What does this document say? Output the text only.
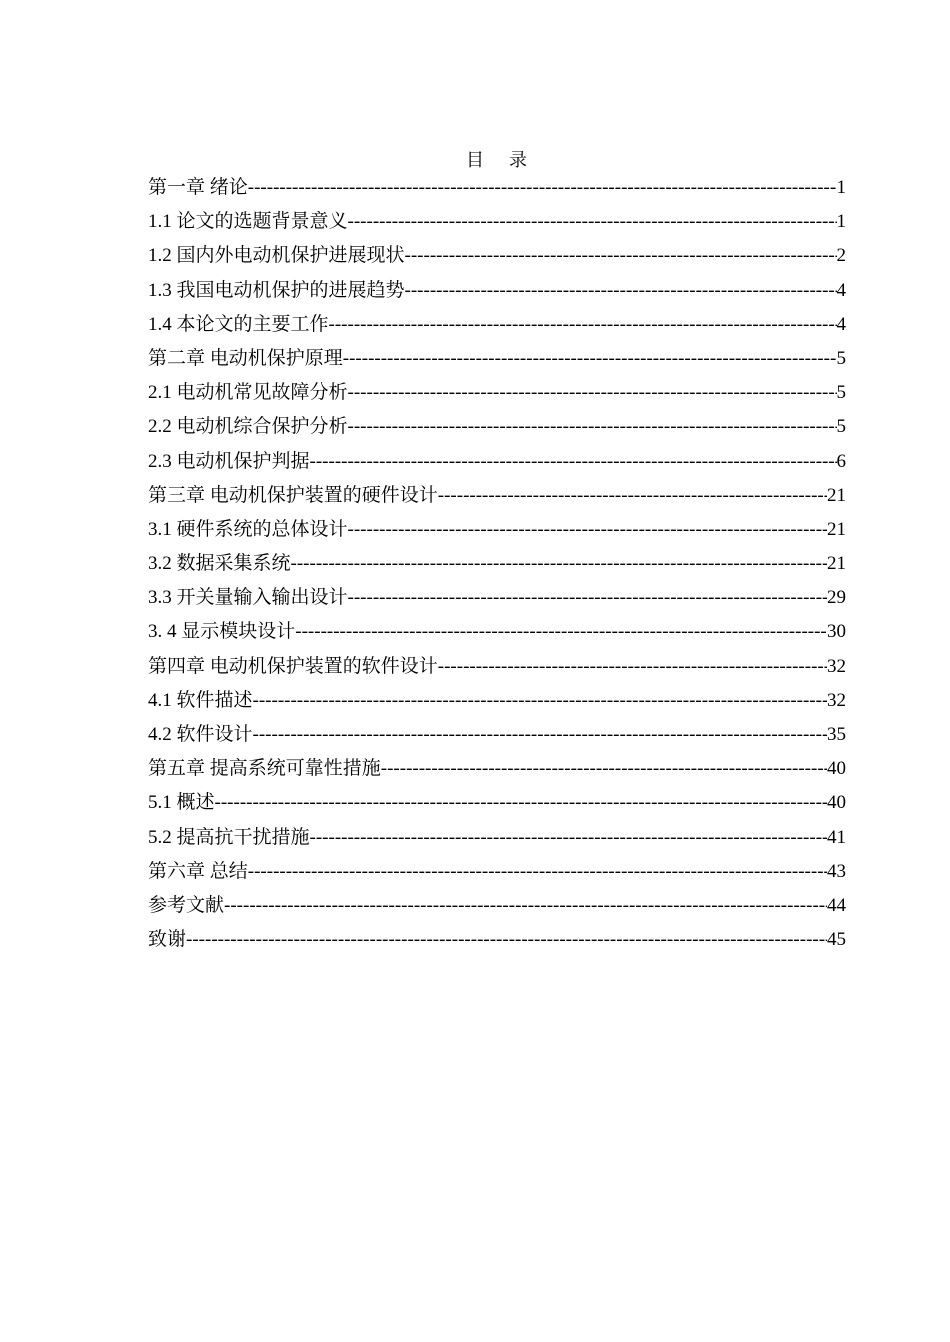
目 录
第一章 绪论 -----	1
1.1 论文的选题背景意义 -----	1
1.2 国内外电动机保护进展现状 -----	2
1.3 我国电动机保护的进展趋势 -----	4
1.4 本论文的主要工作 -----	4
第二章 电动机保护原理 -----	5
2.1 电动机常见故障分析 -----	5
2.2 电动机综合保护分析 -----	5
2.3 电动机保护判据 -----	6
第三章 电动机保护装置的硬件设计 -----	21
3.1 硬件系统的总体设计 -----	21
3.2 数据采集系统 -----	21
3.3 开关量输入输出设计 -----	29
3. 4 显示模块设计 -----	30
第四章 电动机保护装置的软件设计 -----	32
4.1 软件描述 -----	32
4.2 软件设计 -----	35
第五章 提高系统可靠性措施 -----	40
5.1 概述 -----	40
5.2 提高抗干扰措施 -----	41
第六章 总结 -----	43
参考文献 -----	44
致谢 -----	45
